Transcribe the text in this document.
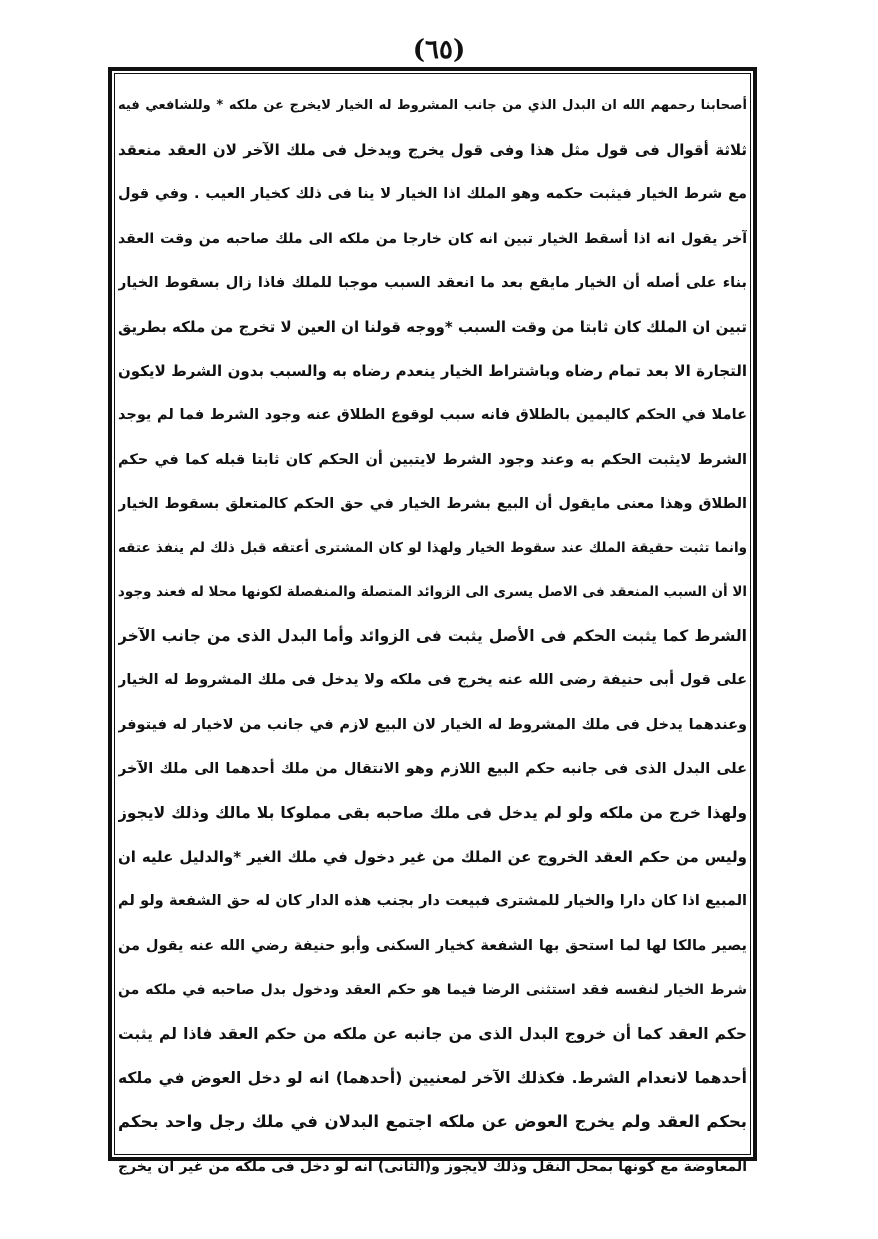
(٦٥)
أصحابنا رحمهم الله ان البدل الذي من جانب المشروط له الخيار لايخرج عن ملكه * وللشافعي فيه
ثلاثة أقوال فى قول مثل هذا وفى قول يخرج ويدخل فى ملك الآخر لان العقد منعقد
مع شرط الخيار فيثبت حكمه وهو الملك اذا الخيار لا ينا فى ذلك كخيار العيب . وفي قول
آخر يقول انه اذا أسقط الخيار تبين انه كان خارجا من ملكه الى ملك صاحبه من وقت العقد
بناء على أصله أن الخيار مايقع بعد ما انعقد السبب موجبا للملك فاذا زال بسقوط الخيار
تبين ان الملك كان ثابتا من وقت السبب *ووجه قولنا ان العين لا تخرج من ملكه بطريق
التجارة الا بعد تمام رضاه وباشتراط الخيار ينعدم رضاه به والسبب بدون الشرط لايكون
عاملا في الحكم كاليمين بالطلاق فانه سبب لوقوع الطلاق عنه وجود الشرط فما لم يوجد
الشرط لايثبت الحكم به وعند وجود الشرط لايتبين أن الحكم كان ثابتا قبله كما في حكم
الطلاق وهذا معنى مايقول أن البيع بشرط الخيار في حق الحكم كالمتعلق بسقوط الخيار
وانما تثبت حقيقة الملك عند سقوط الخيار ولهذا لو كان المشترى أعتقه قبل ذلك لم ينفذ عتقه
الا أن السبب المنعقد فى الاصل يسرى الى الزوائد المتصلة والمنفصلة لكونها محلا له فعند وجود
الشرط كما يثبت الحكم فى الأصل يثبت فى الزوائد وأما البدل الذى من جانب الآخر
على قول أبى حنيفة رضى الله عنه يخرج فى ملكه ولا يدخل فى ملك المشروط له الخيار
وعندهما يدخل فى ملك المشروط له الخيار لان البيع لازم في جانب من لاخيار له فيتوفر
على البدل الذى فى جانبه حكم البيع اللازم وهو الانتقال من ملك أحدهما الى ملك الآخر
ولهذا خرج من ملكه ولو لم يدخل فى ملك صاحبه بقى مملوكا بلا مالك وذلك لايجوز
وليس من حكم العقد الخروج عن الملك من غير دخول في ملك الغير *والدليل عليه ان
المبيع اذا كان دارا والخيار للمشترى فبيعت دار بجنب هذه الدار كان له حق الشفعة ولو لم
يصير مالكا لها لما استحق بها الشفعة كخيار السكنى وأبو حنيفة رضي الله عنه يقول من
شرط الخيار لنفسه فقد استثنى الرضا فيما هو حكم العقد ودخول بدل صاحبه في ملكه من
حكم العقد كما أن خروج البدل الذى من جانبه عن ملكه من حكم العقد فاذا لم يثبت
أحدهما لانعدام الشرط. فكذلك الآخر لمعنيين (أحدهما) انه لو دخل العوض في ملكه
بحكم العقد ولم يخرج العوض عن ملكه اجتمع البدلان في ملك رجل واحد بحكم
المعاوضة مع كونها بمحل النقل وذلك لايجوز و(الثانى) انه لو دخل فى ملكه من غير أن يخرج
